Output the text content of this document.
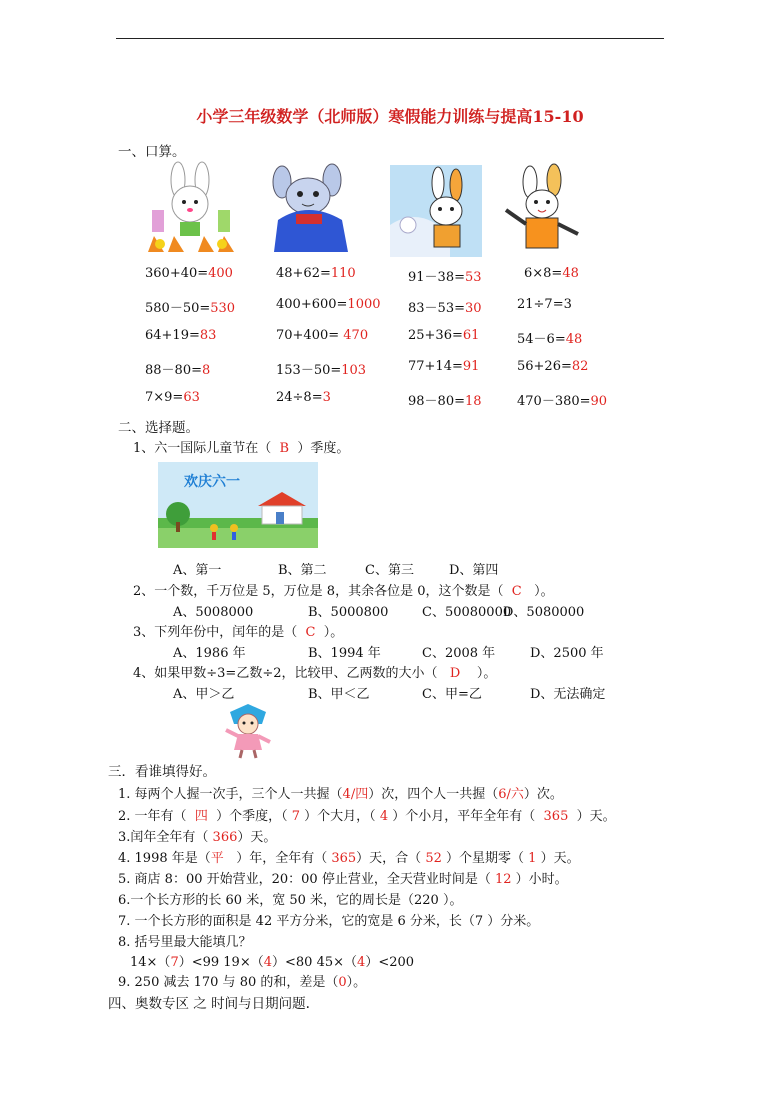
小学三年级数学（北师版）寒假能力训练与提高15-10
一、口算。
360+40=400	48+62=110	91－38=53	6×8=48
580－50=530	400+600=1000 83－53=30	21÷7=3
64+19=83	70+400= 470	25+36=61	54－6=48
88－80=8	153－50=103	77+14=91	56+26=82
7×9=63	24÷8=3	98－80=18	470－380=90
二、选择题。
1、六一国际儿童节在（ B ）季度。
欢庆六一
A、第一	B、第二	C、第三	D、第四
2、一个数，千万位是 5，万位是 8，其余各位是 0，这个数是（ C ）。
A、5008000	B、5000800	C、50080000
D、5080000
3、下列年份中，闰年的是（ C ）。
A、1986 年	B、1994 年	C、2008 年	D、2500 年
4、如果甲数÷3=乙数÷2，比较甲、乙两数的大小（ D ）。
A、甲＞乙	B、甲＜乙	C、甲=乙	D、无法确定
三．看谁填得好。
1. 每两个人握一次手，三个人一共握（4/四）次，四个人一共握（6/六）次。
2. 一年有（ 四 ）个季度，（ 7 ）个大月，（ 4 ）个小月，平年全年有（ 365 ）天。
3.闰年全年有（ 366）天。
4. 1998 年是（平 ）年，全年有（ 365）天，合（ 52 ）个星期零（ 1 ）天。
5. 商店 8：00 开始营业，20：00 停止营业，全天营业时间是（ 12 ）小时。
6.一个长方形的长 60 米，宽 50 米，它的周长是（220 ）。
7. 一个长方形的面积是 42 平方分米，它的宽是 6 分米，长（7 ）分米。
8. 括号里最大能填几？
14×（7）<99 19×（4）<80 45×（4）<200
9. 250 减去 170 与 80 的和，差是（0）。
四、奥数专区 之 时间与日期问题.
